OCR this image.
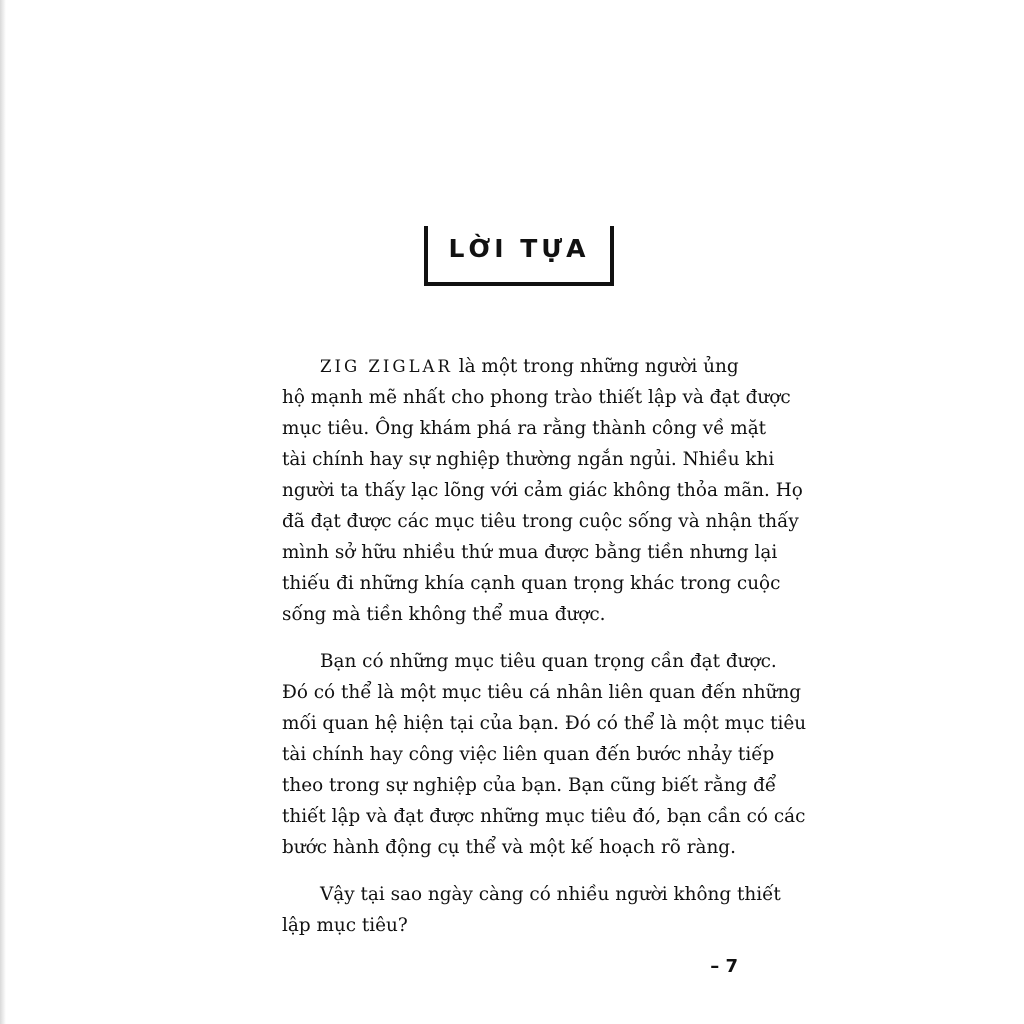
LỜI TỰA
ZIG ZIGLAR là một trong những người ủng
hộ mạnh mẽ nhất cho phong trào thiết lập và đạt được
mục tiêu. Ông khám phá ra rằng thành công về mặt
tài chính hay sự nghiệp thường ngắn ngủi. Nhiều khi
người ta thấy lạc lõng với cảm giác không thỏa mãn. Họ
đã đạt được các mục tiêu trong cuộc sống và nhận thấy
mình sở hữu nhiều thứ mua được bằng tiền nhưng lại
thiếu đi những khía cạnh quan trọng khác trong cuộc
sống mà tiền không thể mua được.
Bạn có những mục tiêu quan trọng cần đạt được.
Đó có thể là một mục tiêu cá nhân liên quan đến những
mối quan hệ hiện tại của bạn. Đó có thể là một mục tiêu
tài chính hay công việc liên quan đến bước nhảy tiếp
theo trong sự nghiệp của bạn. Bạn cũng biết rằng để
thiết lập và đạt được những mục tiêu đó, bạn cần có các
bước hành động cụ thể và một kế hoạch rõ ràng.
Vậy tại sao ngày càng có nhiều người không thiết
lập mục tiêu?
– 7
